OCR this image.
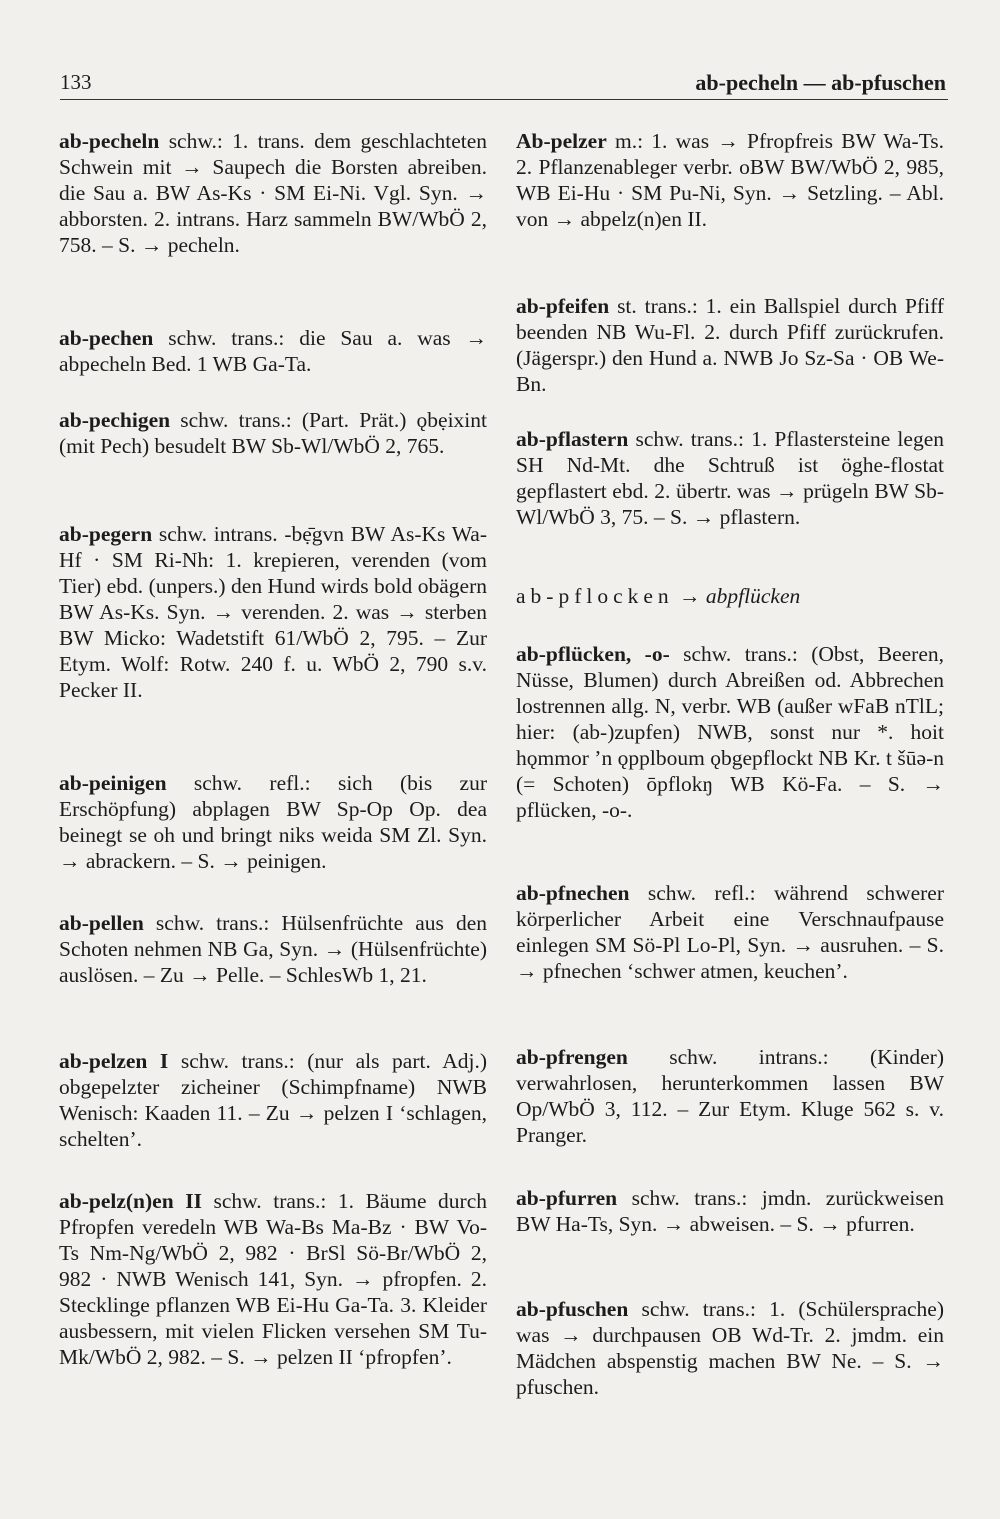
133	ab-pecheln — ab-pfuschen

ab-pecheln schw.: 1. trans. dem geschlachteten Schwein mit → Saupech die Borsten abreiben. die Sau a. BW As-Ks · SM Ei-Ni. Vgl. Syn. → abborsten. 2. intrans. Harz sammeln BW/WbÖ 2, 758. – S. → pecheln.

ab-pechen schw. trans.: die Sau a. was → abpecheln Bed. 1 WB Ga-Ta.

ab-pechigen schw. trans.: (Part. Prät.) ǫbẹixint (mit Pech) besudelt BW Sb-Wl/WbÖ 2, 765.

ab-pegern schw. intrans. -bẹ̄gvn BW As-Ks Wa-Hf · SM Ri-Nh: 1. krepieren, verenden (vom Tier) ebd. (unpers.) den Hund wirds bold obägern BW As-Ks. Syn. → verenden. 2. was → sterben BW Micko: Wadetstift 61/WbÖ 2, 795. – Zur Etym. Wolf: Rotw. 240 f. u. WbÖ 2, 790 s.v. Pecker II.

ab-peinigen schw. refl.: sich (bis zur Erschöpfung) abplagen BW Sp-Op Op. dea beinegt se oh und bringt niks weida SM Zl. Syn. → abrackern. – S. → peinigen.

ab-pellen schw. trans.: Hülsenfrüchte aus den Schoten nehmen NB Ga, Syn. → (Hülsenfrüchte) auslösen. – Zu → Pelle. – SchlesWb 1, 21.

ab-pelzen I schw. trans.: (nur als part. Adj.) obgepelzter zicheiner (Schimpfname) NWB Wenisch: Kaaden 11. – Zu → pelzen I ‘schlagen, schelten’.

ab-pelz(n)en II schw. trans.: 1. Bäume durch Pfropfen veredeln WB Wa-Bs Ma-Bz · BW Vo-Ts Nm-Ng/WbÖ 2, 982 · BrSl Sö-Br/WbÖ 2, 982 · NWB Wenisch 141, Syn. → pfropfen. 2. Stecklinge pflanzen WB Ei-Hu Ga-Ta. 3. Kleider ausbessern, mit vielen Flicken versehen SM Tu-Mk/WbÖ 2, 982. – S. → pelzen II ‘pfropfen’.

Ab-pelzer m.: 1. was → Pfropfreis BW Wa-Ts. 2. Pflanzenableger verbr. oBW BW/WbÖ 2, 985, WB Ei-Hu · SM Pu-Ni, Syn. → Setzling. – Abl. von → abpelz(n)en II.

ab-pfeifen st. trans.: 1. ein Ballspiel durch Pfiff beenden NB Wu-Fl. 2. durch Pfiff zurückrufen. (Jägerspr.) den Hund a. NWB Jo Sz-Sa · OB We-Bn.

ab-pflastern schw. trans.: 1. Pflastersteine legen SH Nd-Mt. dhe Schtruß ist öghe-flostat gepflastert ebd. 2. übertr. was → prügeln BW Sb-Wl/WbÖ 3, 75. – S. → pflastern.

ab-pflocken → abpflücken

ab-pflücken, -o- schw. trans.: (Obst, Beeren, Nüsse, Blumen) durch Abreißen od. Abbrechen lostrennen allg. N, verbr. WB (außer wFaB nTlL; hier: (ab-)zupfen) NWB, sonst nur *. hoit hǫmmor ’n ǫpplboum ǫbgepflockt NB Kr. t šūə-n (= Schoten) ōpflokŋ WB Kö-Fa. – S. → pflücken, -o-.

ab-pfnechen schw. refl.: während schwerer körperlicher Arbeit eine Verschnaufpause einlegen SM Sö-Pl Lo-Pl, Syn. → ausruhen. – S. → pfnechen ‘schwer atmen, keuchen’.

ab-pfrengen schw. intrans.: (Kinder) verwahrlosen, herunterkommen lassen BW Op/WbÖ 3, 112. – Zur Etym. Kluge 562 s. v. Pranger.

ab-pfurren schw. trans.: jmdn. zurückweisen BW Ha-Ts, Syn. → abweisen. – S. → pfurren.

ab-pfuschen schw. trans.: 1. (Schülersprache) was → durchpausen OB Wd-Tr. 2. jmdm. ein Mädchen abspenstig machen BW Ne. – S. → pfuschen.
